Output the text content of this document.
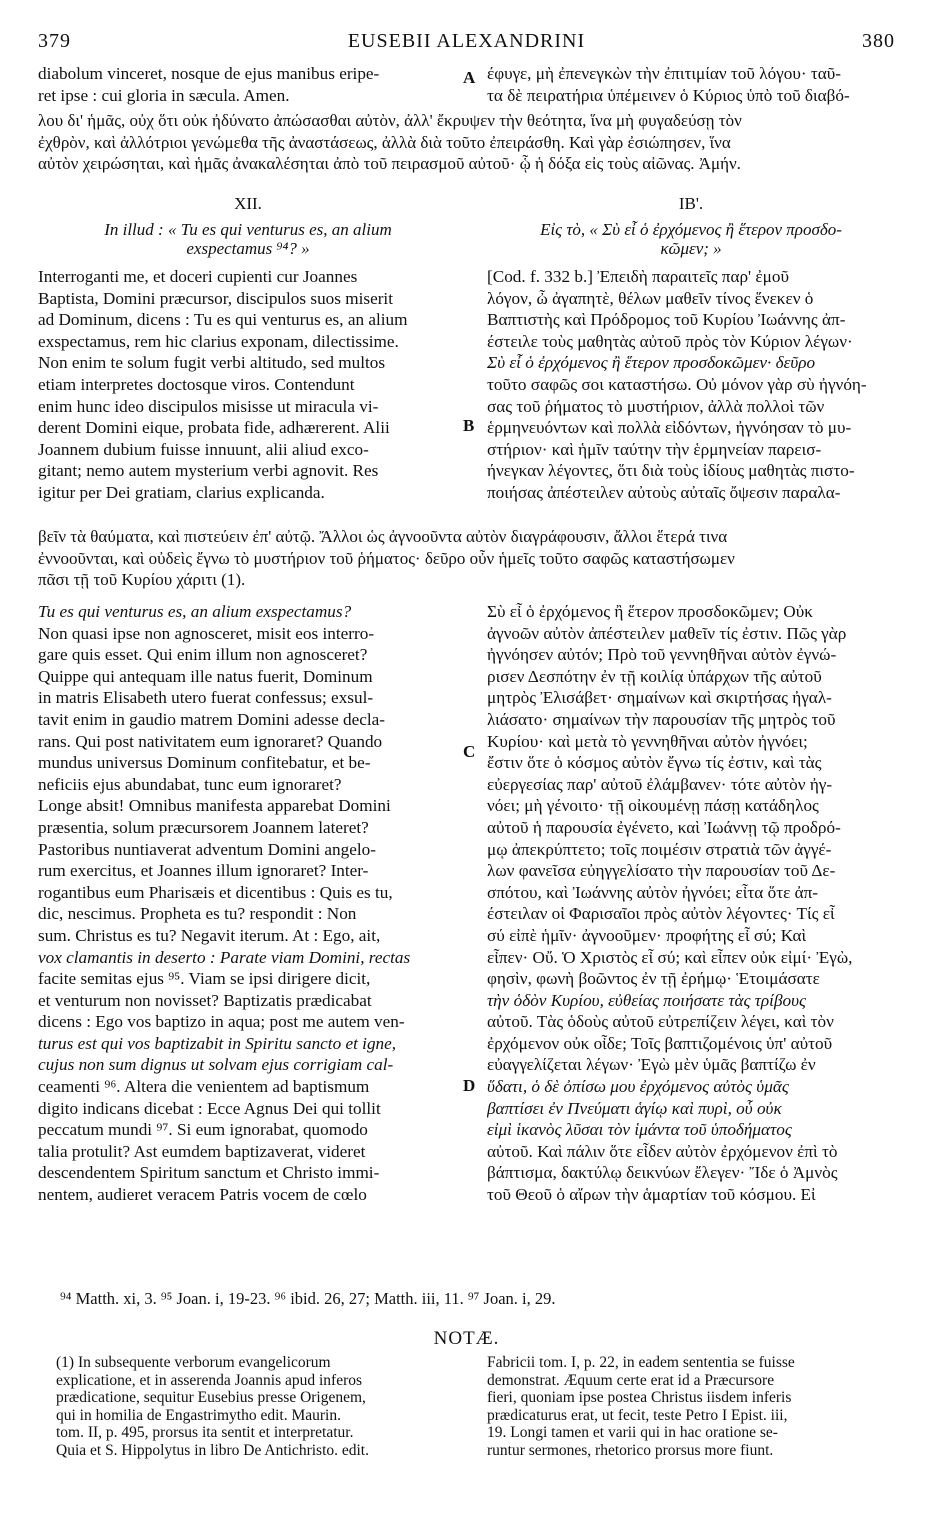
379	EUSEBII ALEXANDRINI	380
diabolum vinceret, nosque de ejus manibus eripe-
ret ipse : cui gloria in sæcula. Amen.
A έφυγε, μὴ ἐπενεγκὼν τὴν ἐπιτιμίαν τοῦ λόγου· ταῦ-
τα δὲ πειρατήρια ὑπέμεινεν ὁ Κύριος ὑπὸ τοῦ διαβό-
λου δι' ἡμᾶς, οὐχ ὅτι οὐκ ἠδύνατο ἀπώσασθαι αὐτὸν, ἀλλ' ἔκρυψεν τὴν θεότητα, ἵνα μὴ φυγαδεύσῃ τὸν
ἐχθρὸν, καὶ ἀλλότριοι γενώμεθα τῆς ἀναστάσεως, ἀλλὰ διὰ τοῦτο ἐπειράσθη. Καὶ γὰρ ἐσιώπησεν, ἵνα
αὐτὸν χειρώσηται, καὶ ἡμᾶς ἀνακαλέσηται ἀπὸ τοῦ πειρασμοῦ αὐτοῦ· ᾧ ἡ δόξα εἰς τοὺς αἰῶνας. Ἀμήν.
XII.	ΙΒ'.
In illud : « Tu es qui venturus es, an alium
exspectamus ⁹⁴? »
Εἰς τὸ, « Σὺ εἶ ὁ ἐρχόμενος ἢ ἕτερον προσδο-
κῶμεν; »
Interroganti me, et doceri cupienti cur Joannes
Baptista, Domini præcursor, discipulos suos miserit
ad Dominum, dicens : Tu es qui venturus es, an alium
exspectamus, rem hic clarius exponam, dilectissime.
Non enim te solum fugit verbi altitudo, sed multos
etiam interpretes doctosque viros. Contendunt
enim hunc ideo discipulos misisse ut miracula vi-
derent Domini eique, probata fide, adhærerent. Alii
Joannem dubium fuisse innuunt, alii aliud exco-
gitant; nemo autem mysterium verbi agnovit. Res
igitur per Dei gratiam, clarius explicanda.
B
[Cod. f. 332 b.] Ἐπειδὴ παραιτεῖς παρ' ἐμοῦ
λόγον, ὦ ἀγαπητὲ, θέλων μαθεῖν τίνος ἕνεκεν ὁ
Βαπτιστὴς καὶ Πρόδρομος τοῦ Κυρίου Ἰωάννης ἀπ-
έστειλε τοὺς μαθητὰς αὐτοῦ πρὸς τὸν Κύριον λέγων·
Σὺ εἶ ὁ ἐρχόμενος ἢ ἕτερον προσδοκῶμεν· δεῦρο
τοῦτο σαφῶς σοι καταστήσω. Οὐ μόνον γὰρ σὺ ἠγνόη-
σας τοῦ ῥήματος τὸ μυστήριον, ἀλλὰ πολλοὶ τῶν
ἑρμηνευόντων καὶ πολλὰ εἰδόντων, ἠγνόησαν τὸ μυ-
στήριον· καὶ ἡμῖν ταύτην τὴν ἑρμηνείαν παρεισ-
ήνεγκαν λέγοντες, ὅτι διὰ τοὺς ἰδίους μαθητὰς πιστο-
ποιήσας ἀπέστειλεν αὐτοὺς αὐταῖς ὄψεσιν παραλα-
βεῖν τὰ θαύματα, καὶ πιστεύειν ἐπ' αὐτῷ. Ἄλλοι ὡς ἀγνοοῦντα αὐτὸν διαγράφουσιν, ἄλλοι ἕτερά τινα
ἐννοοῦνται, καὶ οὐδεὶς ἔγνω τὸ μυστήριον τοῦ ῥήματος· δεῦρο οὖν ἡμεῖς τοῦτο σαφῶς καταστήσωμεν
πᾶσι τῇ τοῦ Κυρίου χάριτι (1).
Tu es qui venturus es, an alium exspectamus?
Non quasi ipse non agnosceret, misit eos interro-
gare quis esset. Qui enim illum non agnosceret?
Quippe qui antequam ille natus fuerit, Dominum
in matris Elisabeth utero fuerat confessus; exsul-
tavit enim in gaudio matrem Domini adesse decla-
rans. Qui post nativitatem eum ignoraret? Quando
mundus universus Dominum confitebatur, et be-
neficiis ejus abundabat, tunc eum ignoraret?
Longe absit! Omnibus manifesta apparebat Domini
præsentia, solum præcursorem Joannem lateret?
Pastoribus nuntiaverat adventum Domini angelo-
rum exercitus, et Joannes illum ignoraret? Inter-
rogantibus eum Pharisæis et dicentibus : Quis es tu,
dic, nescimus. Propheta es tu? respondit : Non
sum. Christus es tu? Negavit iterum. At : Ego, ait,
vox clamantis in deserto : Parate viam Domini, rectas
facite semitas ejus ⁹⁵. Viam se ipsi dirigere dicit,
et venturum non novisset? Baptizatis prædicabat
dicens : Ego vos baptizo in aqua; post me autem ven-
turus est qui vos baptizabit in Spiritu sancto et igne,
cujus non sum dignus ut solvam ejus corrigiam cal-
ceamenti ⁹⁶. Altera die venientem ad baptismum
digito indicans dicebat : Ecce Agnus Dei qui tollit
peccatum mundi ⁹⁷. Si eum ignorabat, quomodo
talia protulit? Ast eumdem baptizaverat, videret
descendentem Spiritum sanctum et Christo immi-
nentem, audieret veracem Patris vocem de cœlo
C
D
Σὺ εἶ ὁ ἐρχόμενος ἢ ἕτερον προσδοκῶμεν; Οὐκ
ἀγνοῶν αὐτὸν ἀπέστειλεν μαθεῖν τίς ἐστιν. Πῶς γὰρ
ἠγνόησεν αὐτόν; Πρὸ τοῦ γεννηθῆναι αὐτὸν ἐγνώ-
ρισεν Δεσπότην ἐν τῇ κοιλίᾳ ὑπάρχων τῆς αὐτοῦ
μητρὸς Ἐλισάβετ· σημαίνων καὶ σκιρτήσας ἠγαλ-
λιάσατο· σημαίνων τὴν παρουσίαν τῆς μητρὸς τοῦ
Κυρίου· καὶ μετὰ τὸ γεννηθῆναι αὐτὸν ἠγνόει;
ἔστιν ὅτε ὁ κόσμος αὐτὸν ἔγνω τίς ἐστιν, καὶ τὰς
εὐεργεσίας παρ' αὐτοῦ ἐλάμβανεν· τότε αὐτὸν ἠγ-
νόει; μὴ γένοιτο· τῇ οἰκουμένῃ πάσῃ κατάδηλος
αὐτοῦ ἡ παρουσία ἐγένετο, καὶ Ἰωάννῃ τῷ προδρό-
μῳ ἀπεκρύπτετο; τοῖς ποιμέσιν στρατιὰ τῶν ἀγγέ-
λων φανεῖσα εὐηγγελίσατο τὴν παρουσίαν τοῦ Δε-
σπότου, καὶ Ἰωάννης αὐτὸν ἠγνόει; εἶτα ὅτε ἀπ-
έστειλαν οἱ Φαρισαῖοι πρὸς αὐτὸν λέγοντες· Τίς εἶ
σύ εἰπὲ ἡμῖν· ἀγνοοῦμεν· προφήτης εἶ σύ; Καὶ
εἶπεν· Οὔ. Ὁ Χριστὸς εἶ σύ; καὶ εἶπεν οὐκ εἰμί· Ἐγὼ,
φησὶν, φωνὴ βοῶντος ἐν τῇ ἐρήμῳ· Ἑτοιμάσατε
τὴν ὁδὸν Κυρίου, εὐθείας ποιήσατε τὰς τρίβους
αὐτοῦ. Τὰς ὁδοὺς αὐτοῦ εὐτρεπίζειν λέγει, καὶ τὸν
ἐρχόμενον οὐκ οἶδε; Τοῖς βαπτιζομένοις ὑπ' αὐτοῦ
εὐαγγελίζεται λέγων· Ἐγὼ μὲν ὑμᾶς βαπτίζω ἐν
ὕδατι, ὁ δὲ ὀπίσω μου ἐρχόμενος αὐτὸς ὑμᾶς
βαπτίσει ἐν Πνεύματι ἁγίῳ καὶ πυρὶ, οὗ οὐκ
εἰμὶ ἱκανὸς λῦσαι τὸν ἱμάντα τοῦ ὑποδήματος
αὐτοῦ. Καὶ πάλιν ὅτε εἶδεν αὐτὸν ἐρχόμενον ἐπὶ τὸ
βάπτισμα, δακτύλῳ δεικνύων ἔλεγεν· Ἴδε ὁ Ἀμνὸς
τοῦ Θεοῦ ὁ αἴρων τὴν ἁμαρτίαν τοῦ κόσμου. Εἰ
⁹⁴ Matth. xi, 3. ⁹⁵ Joan. i, 19-23. ⁹⁶ ibid. 26, 27; Matth. iii, 11. ⁹⁷ Joan. i, 29.
NOTÆ.
(1) In subsequente verborum evangelicorum
explicatione, et in asserenda Joannis apud inferos
prædicatione, sequitur Eusebius presse Origenem,
qui in homilia de Engastrimytho edit. Maurin.
tom. II, p. 495, prorsus ita sentit et interpretatur.
Quia et S. Hippolytus in libro De Antichristo. edit.
Fabricii tom. I, p. 22, in eadem sententia se fuisse
demonstrat. Æquum certe erat id a Præcursore
fieri, quoniam ipse postea Christus iisdem inferis
prædicaturus erat, ut fecit, teste Petro I Epist. iii,
19. Longi tamen et varii qui in hac oratione se-
runtur sermones, rhetorico prorsus more fiunt.
